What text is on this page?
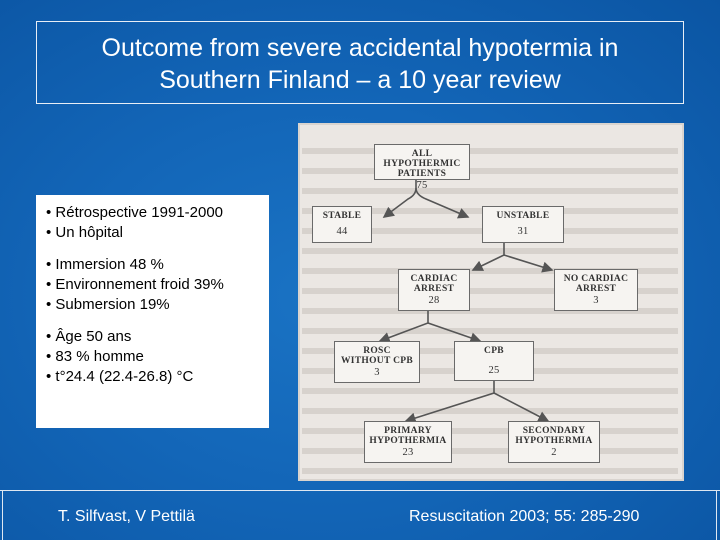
Outcome from severe accidental hypotermia in
Southern Finland – a 10 year review
• Rétrospective 1991-2000
• Un hôpital
• Immersion 48 %
• Environnement froid 39%
• Submersion 19%
• Âge 50 ans
• 83 % homme
• t°24.4 (22.4-26.8) °C
ALL HYPOTHERMIC
PATIENTS
75
STABLE
44
UNSTABLE
31
CARDIAC
ARREST
28
NO CARDIAC
ARREST
3
ROSC
WITHOUT CPB
3
CPB
25
PRIMARY
HYPOTHERMIA
23
SECONDARY
HYPOTHERMIA
2
T. Silfvast, V Pettilä	Resuscitation 2003; 55: 285-290
